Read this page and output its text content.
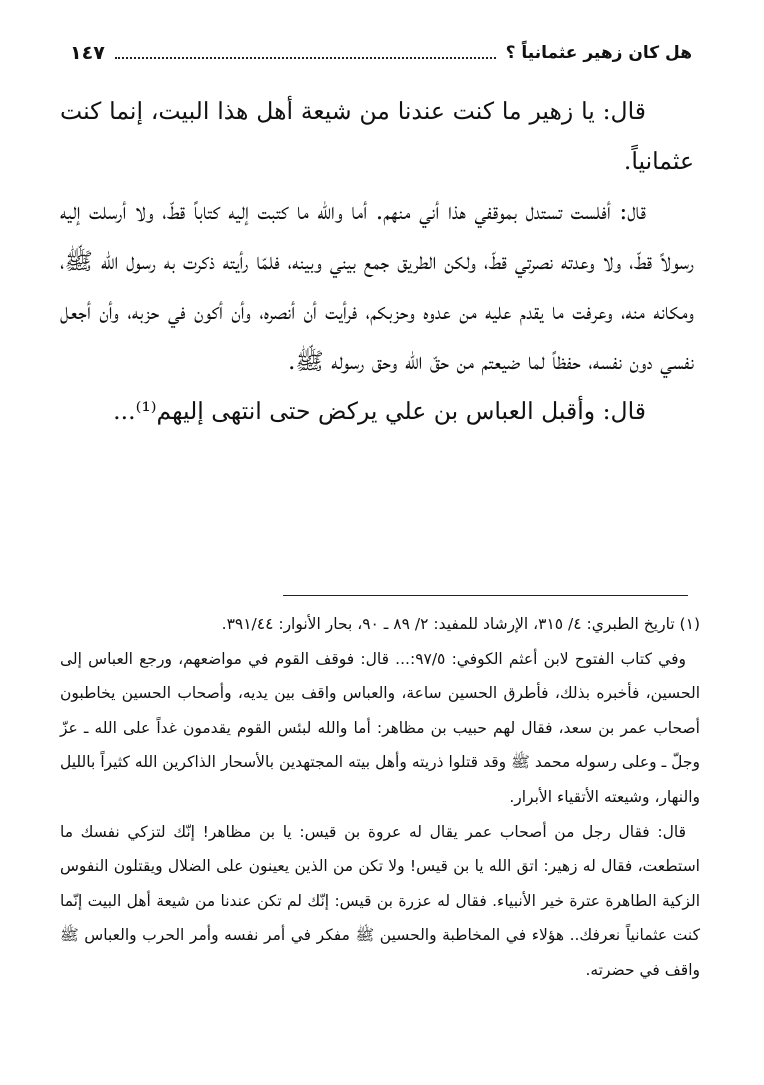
هل كان زهير عثمانياً ؟
١٤٧

قال: يا زهير ما كنت عندنا من شيعة أهل هذا البيت، إنما كنت عثمانياً.

قال: أفلست تستدل بموقفي هذا أني منهم. أما والله ما كتبت إليه كتاباً قطّ، ولا أرسلت إليه رسولاً قطّ، ولا وعدته نصرتي قطّ، ولكن الطريق جمع بيني وبينه، فلمّا رأيته ذكرت به رسول الله ﷺ، ومكانه منه، وعرفت ما يقدم عليه من عدوه وحزبكم، فرأيت أن أنصره، وأن أكون في حزبه، وأن أجعل نفسي دون نفسه، حفظاً لما ضيعتم من حقّ الله وحق رسوله ﷺ.

قال: وأقبل العباس بن علي يركض حتى انتهى إليهم⁽¹⁾...

(١) تاريخ الطبري: ٤/ ٣١٥، الإرشاد للمفيد: ٢/ ٨٩ ـ ٩٠، بحار الأنوار: ٣٩١/٤٤.

وفي كتاب الفتوح لابن أعثم الكوفي: ٩٧/٥:... قال: فوقف القوم في مواضعهم، ورجع العباس إلى الحسين، فأخبره بذلك، فأطرق الحسين ساعة، والعباس واقف بين يديه، وأصحاب الحسين يخاطبون أصحاب عمر بن سعد، فقال لهم حبيب بن مظاهر: أما والله لبئس القوم يقدمون غداً على الله ـ عزّ وجلّ ـ وعلى رسوله محمد ﷺ وقد قتلوا ذريته وأهل بيته المجتهدين بالأسحار الذاكرين الله كثيراً بالليل والنهار، وشيعته الأتقياء الأبرار.

قال: فقال رجل من أصحاب عمر يقال له عروة بن قيس: يا بن مظاهر! إنّك لتزكي نفسك ما استطعت، فقال له زهير: اتق الله يا بن قيس! ولا تكن من الذين يعينون على الضلال ويقتلون النفوس الزكية الطاهرة عترة خير الأنبياء. فقال له عزرة بن قيس: إنّك لم تكن عندنا من شيعة أهل البيت إنّما كنت عثمانياً نعرفك.. هؤلاء في المخاطبة والحسين ﷺ مفكر في أمر نفسه وأمر الحرب والعباس ﷺ واقف في حضرته.
